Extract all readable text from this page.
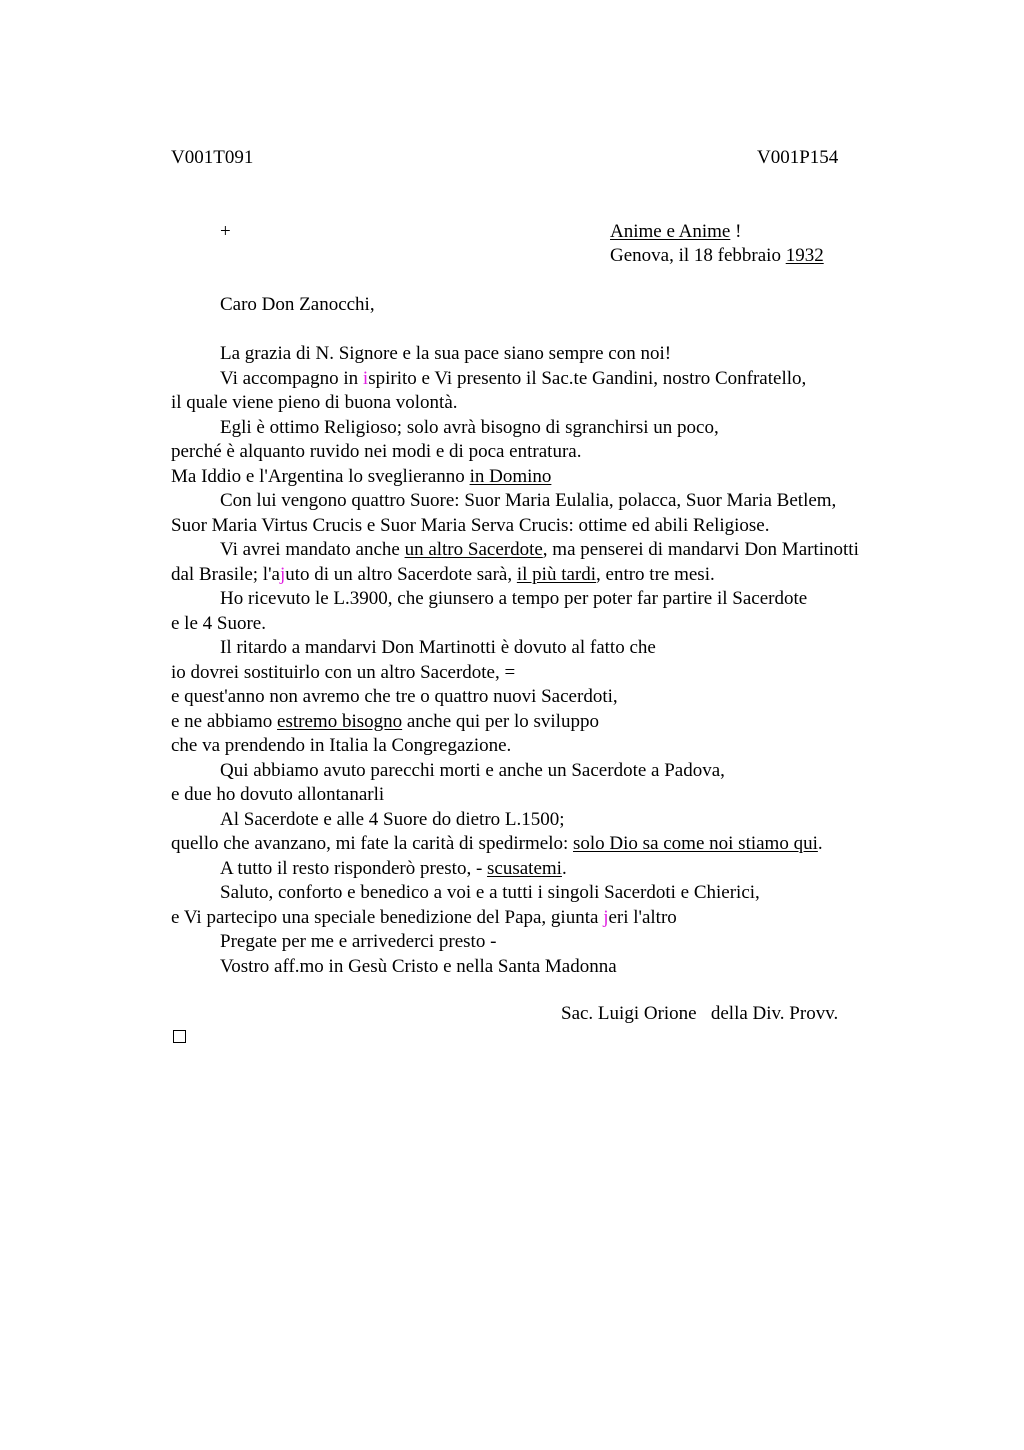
V001T091	V001P154
+	Anime e Anime !
Genova, il 18 febbraio 1932
Caro Don Zanocchi,
La grazia di N. Signore e la sua pace siano sempre con noi!
Vi accompagno in ispirito e Vi presento il Sac.te Gandini, nostro Confratello,
il quale viene pieno di buona volontà.
Egli è ottimo Religioso; solo avrà bisogno di sgranchirsi un poco,
perché è alquanto ruvido nei modi e di poca entratura.
Ma Iddio e l'Argentina lo sveglieranno in Domino
Con lui vengono quattro Suore: Suor Maria Eulalia, polacca, Suor Maria Betlem,
Suor Maria Virtus Crucis e Suor Maria Serva Crucis: ottime ed abili Religiose.
Vi avrei mandato anche un altro Sacerdote, ma penserei di mandarvi Don Martinotti
dal Brasile; l'ajuto di un altro Sacerdote sarà, il più tardi, entro tre mesi.
Ho ricevuto le L.3900, che giunsero a tempo per poter far partire il Sacerdote
e le 4 Suore.
Il ritardo a mandarvi Don Martinotti è dovuto al fatto che
io dovrei sostituirlo con un altro Sacerdote, =
e quest'anno non avremo che tre o quattro nuovi Sacerdoti,
e ne abbiamo estremo bisogno anche qui per lo sviluppo
che va prendendo in Italia la Congregazione.
Qui abbiamo avuto parecchi morti e anche un Sacerdote a Padova,
e due ho dovuto allontanarli
Al Sacerdote e alle 4 Suore do dietro L.1500;
quello che avanzano, mi fate la carità di spedirmelo: solo Dio sa come noi stiamo qui.
A tutto il resto risponderò presto, - scusatemi.
Saluto, conforto e benedico a voi e a tutti i singoli Sacerdoti e Chierici,
e Vi partecipo una speciale benedizione del Papa, giunta jeri l'altro
Pregate per me e arrivederci presto -
Vostro aff.mo in Gesù Cristo e nella Santa Madonna
Sac. Luigi Orione   della Div. Provv.
